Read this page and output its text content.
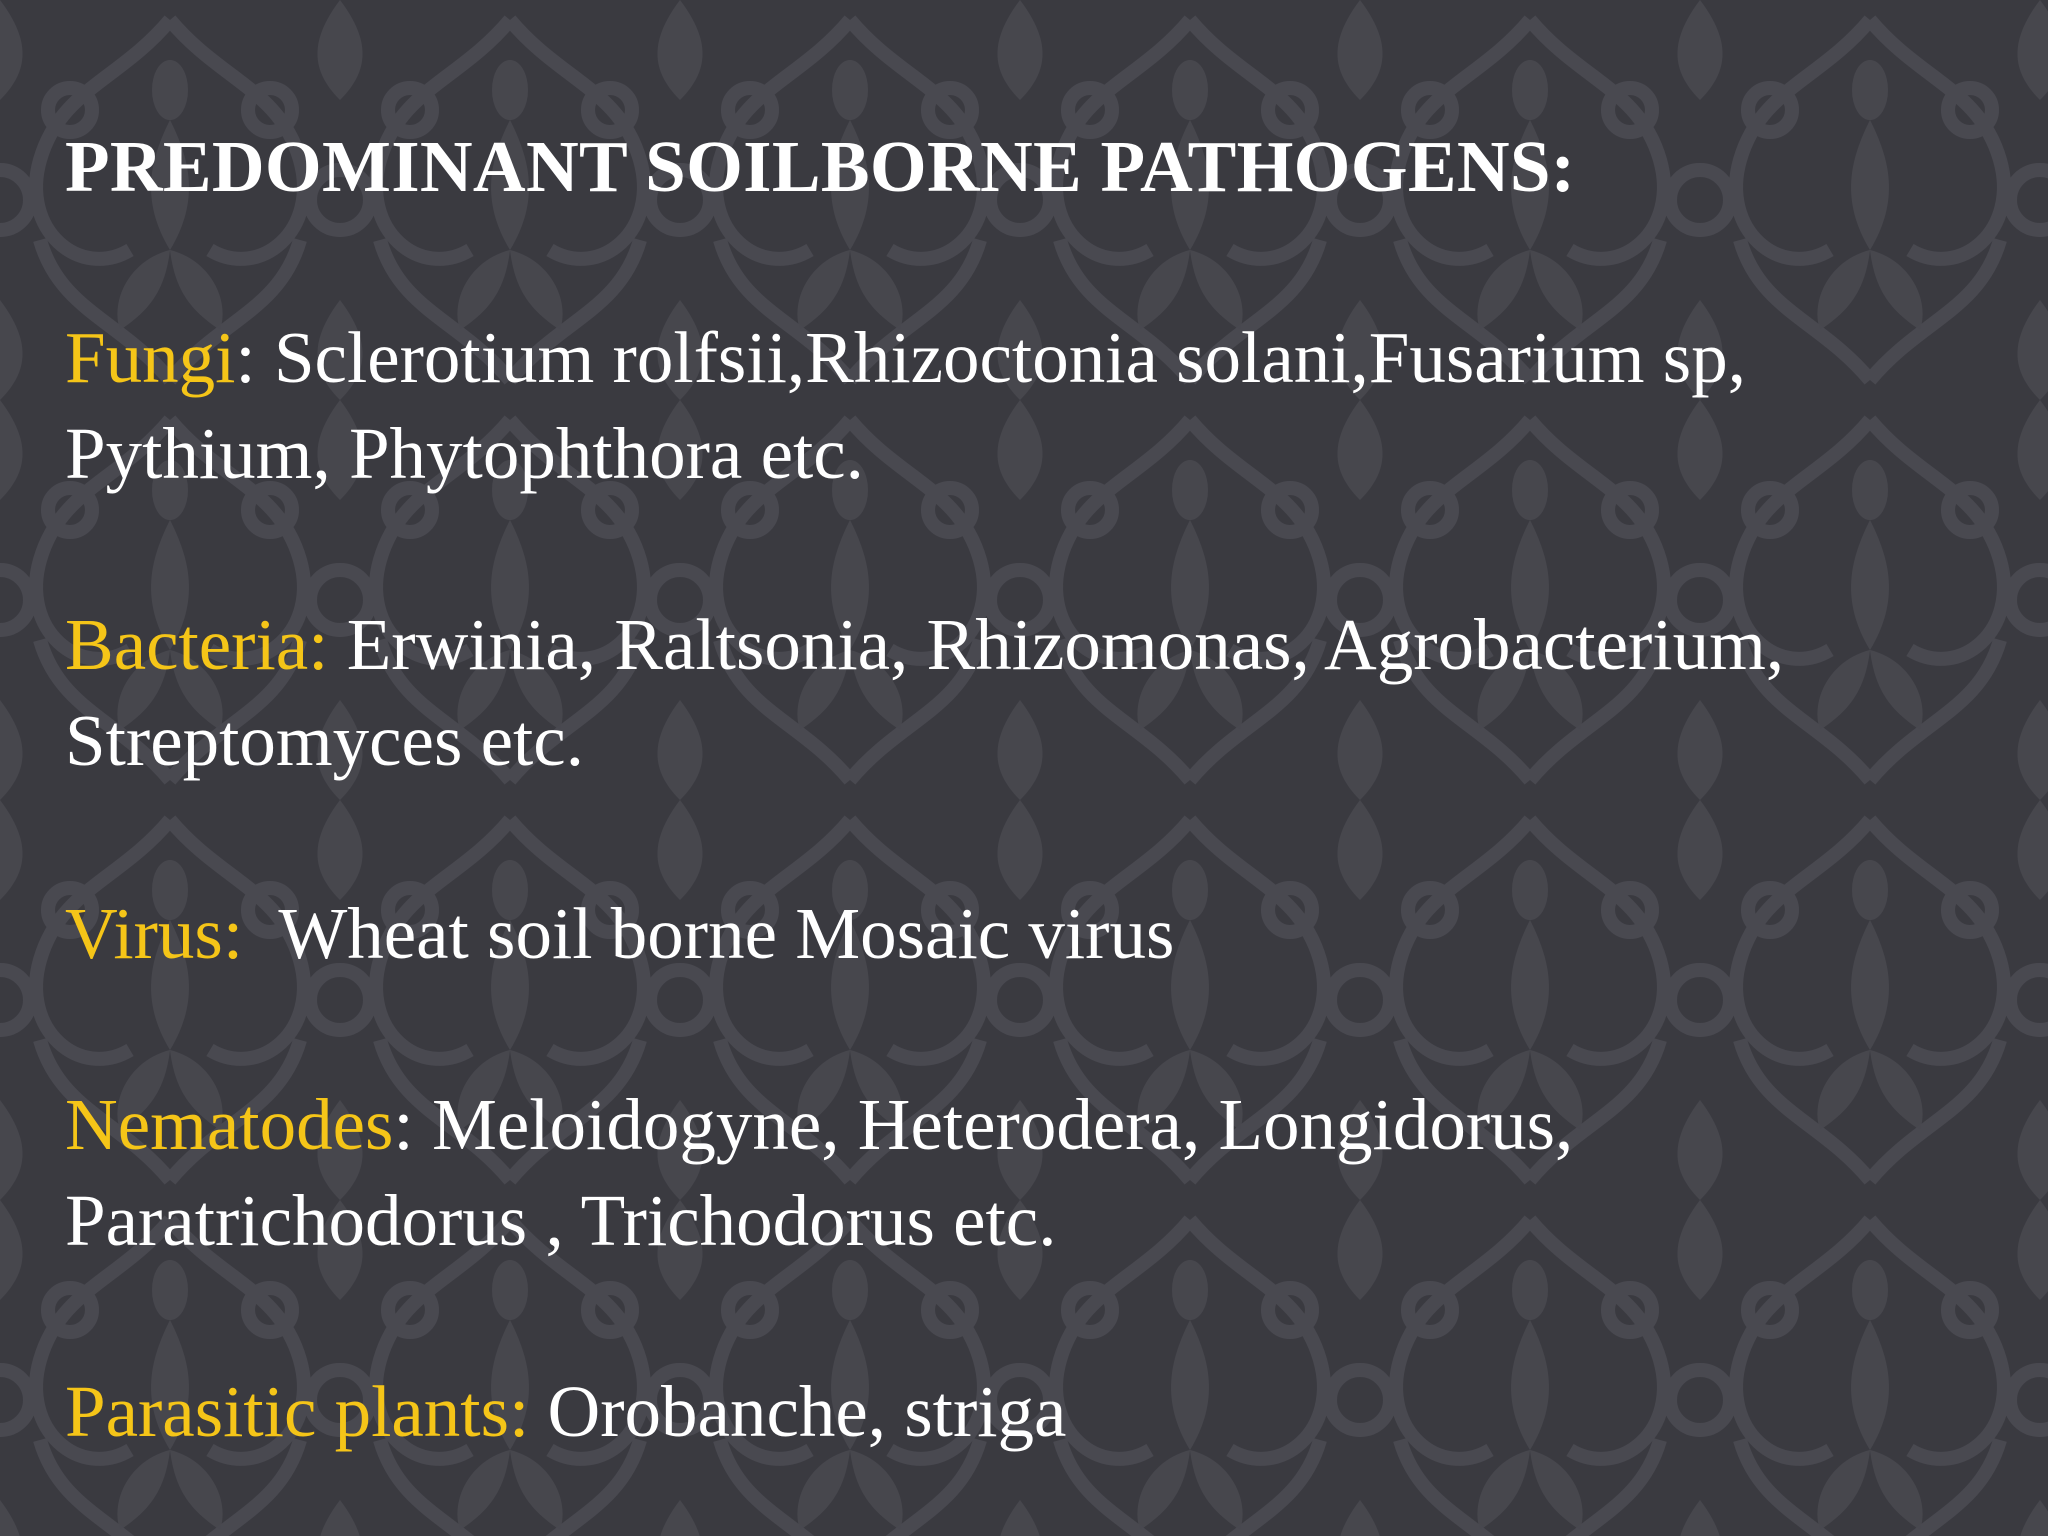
PREDOMINANT SOILBORNE PATHOGENS:
Fungi: Sclerotium rolfsii,Rhizoctonia solani,Fusarium sp,
Pythium, Phytophthora etc.
Bacteria: Erwinia, Raltsonia, Rhizomonas, Agrobacterium,
Streptomyces etc.
Virus: Wheat soil borne Mosaic virus
Nematodes: Meloidogyne, Heterodera, Longidorus,
Paratrichodorus , Trichodorus etc.
Parasitic plants: Orobanche, striga
